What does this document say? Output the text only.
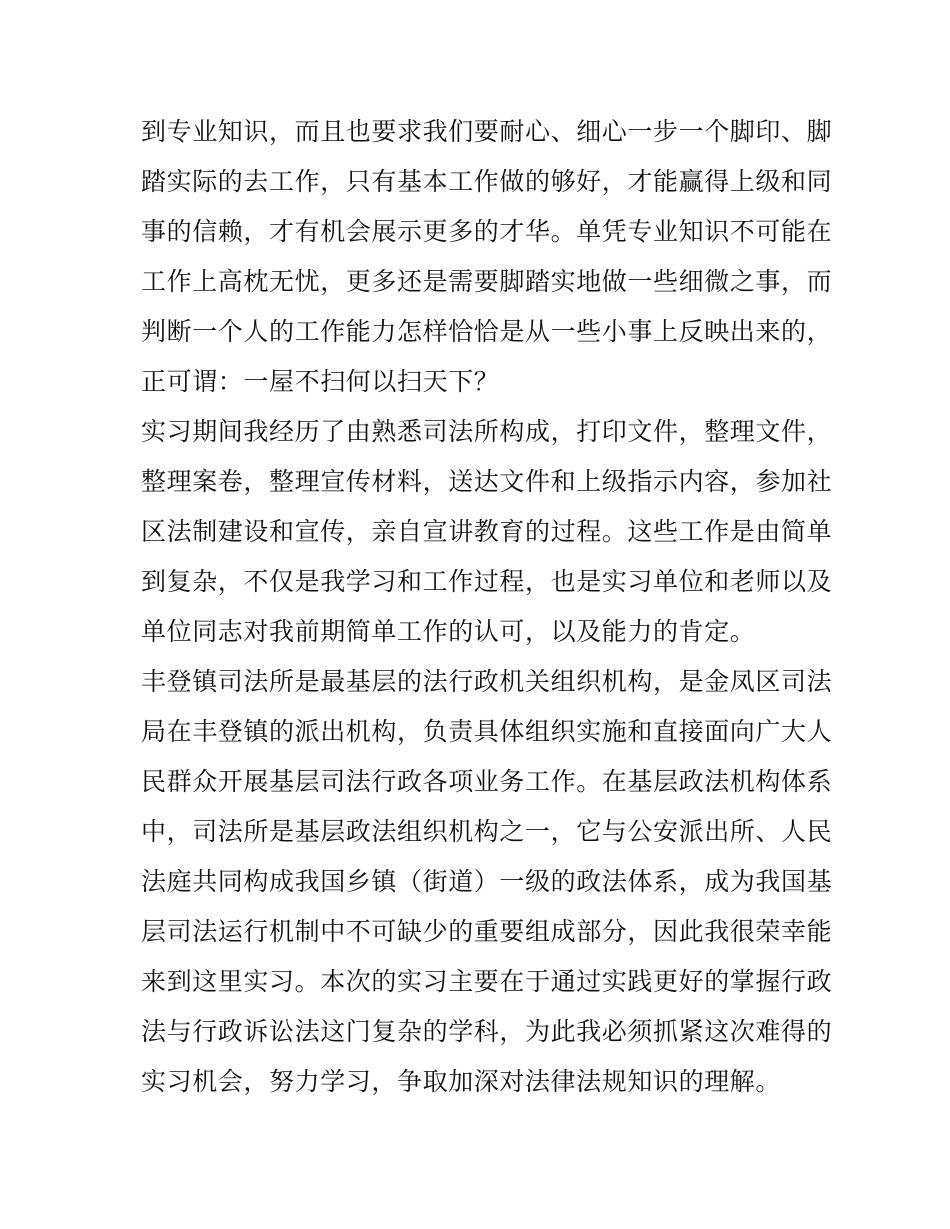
到专业知识，而且也要求我们要耐心、细心一步一个脚印、脚
踏实际的去工作，只有基本工作做的够好，才能赢得上级和同
事的信赖，才有机会展示更多的才华。单凭专业知识不可能在
工作上高枕无忧，更多还是需要脚踏实地做一些细微之事，而
判断一个人的工作能力怎样恰恰是从一些小事上反映出来的，
正可谓：一屋不扫何以扫天下？
实习期间我经历了由熟悉司法所构成，打印文件，整理文件，
整理案卷，整理宣传材料，送达文件和上级指示内容，参加社
区法制建设和宣传，亲自宣讲教育的过程。这些工作是由简单
到复杂，不仅是我学习和工作过程，也是实习单位和老师以及
单位同志对我前期简单工作的认可，以及能力的肯定。
丰登镇司法所是最基层的法行政机关组织机构，是金凤区司法
局在丰登镇的派出机构，负责具体组织实施和直接面向广大人
民群众开展基层司法行政各项业务工作。在基层政法机构体系
中，司法所是基层政法组织机构之一，它与公安派出所、人民
法庭共同构成我国乡镇（街道）一级的政法体系，成为我国基
层司法运行机制中不可缺少的重要组成部分，因此我很荣幸能
来到这里实习。本次的实习主要在于通过实践更好的掌握行政
法与行政诉讼法这门复杂的学科，为此我必须抓紧这次难得的
实习机会，努力学习，争取加深对法律法规知识的理解。
